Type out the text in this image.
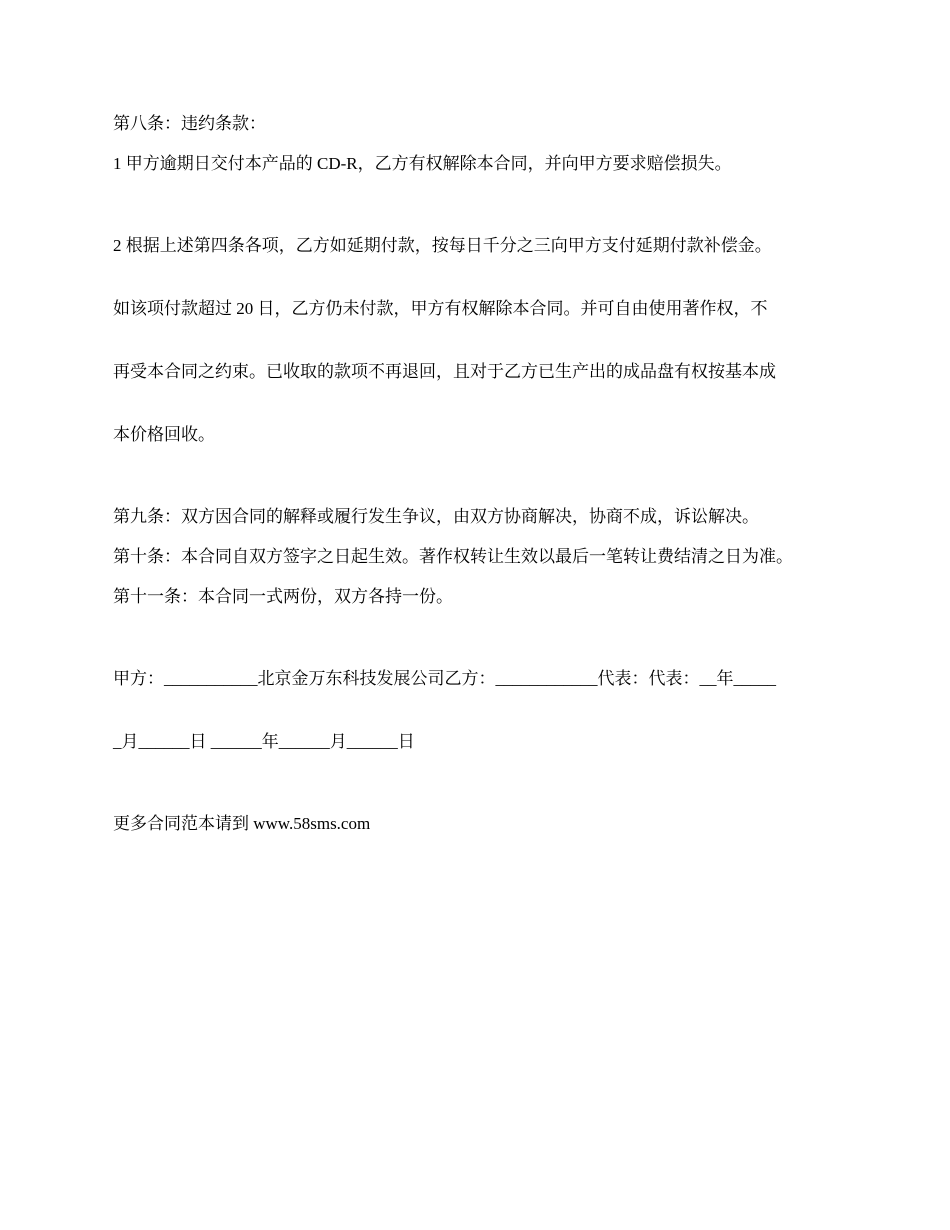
第八条：违约条款：

1 甲方逾期日交付本产品的 CD-R，乙方有权解除本合同，并向甲方要求赔偿损失。

2 根据上述第四条各项，乙方如延期付款，按每日千分之三向甲方支付延期付款补偿金。

如该项付款超过 20 日，乙方仍未付款，甲方有权解除本合同。并可自由使用著作权，不

再受本合同之约束。已收取的款项不再退回，且对于乙方已生产出的成品盘有权按基本成

本价格回收。

第九条：双方因合同的解释或履行发生争议，由双方协商解决，协商不成，诉讼解决。

第十条：本合同自双方签字之日起生效。著作权转让生效以最后一笔转让费结清之日为准。

第十一条：本合同一式两份，双方各持一份。

甲方：___________北京金万东科技发展公司乙方：____________代表：代表：__年_____

_月______日 ______年______月______日

更多合同范本请到 www.58sms.com
